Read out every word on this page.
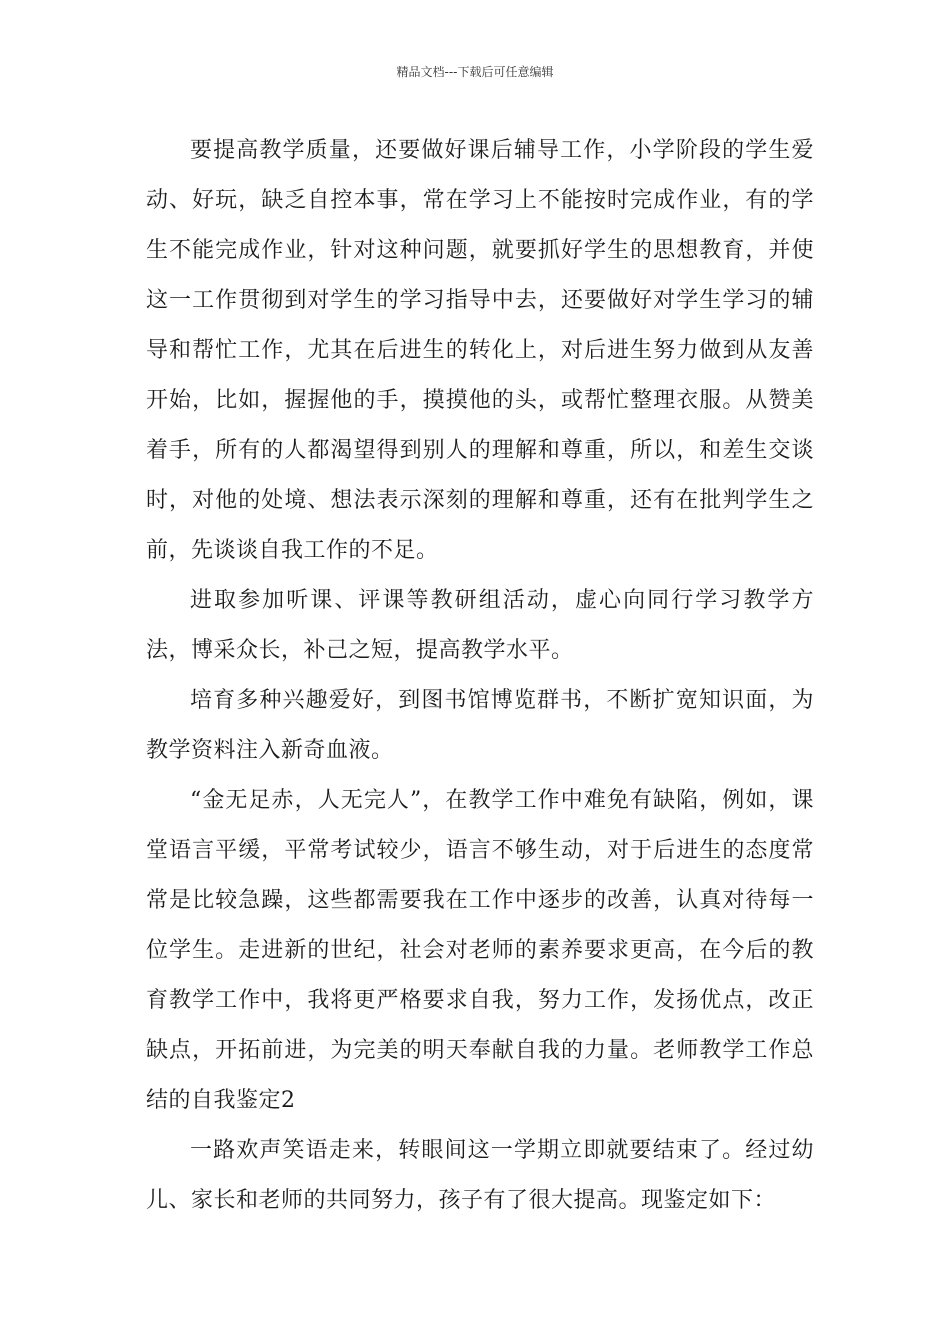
精品文档---下载后可任意编辑

要提高教学质量，还要做好课后辅导工作，小学阶段的学生爱动、好玩，缺乏自控本事，常在学习上不能按时完成作业，有的学生不能完成作业，针对这种问题，就要抓好学生的思想教育，并使这一工作贯彻到对学生的学习指导中去，还要做好对学生学习的辅导和帮忙工作，尤其在后进生的转化上，对后进生努力做到从友善开始，比如，握握他的手，摸摸他的头，或帮忙整理衣服。从赞美着手，所有的人都渴望得到别人的理解和尊重，所以，和差生交谈时，对他的处境、想法表示深刻的理解和尊重，还有在批判学生之前，先谈谈自我工作的不足。

进取参加听课、评课等教研组活动，虚心向同行学习教学方法，博采众长，补己之短，提高教学水平。

培育多种兴趣爱好，到图书馆博览群书，不断扩宽知识面，为教学资料注入新奇血液。

“金无足赤，人无完人”，在教学工作中难免有缺陷，例如，课堂语言平缓，平常考试较少，语言不够生动，对于后进生的态度常常是比较急躁，这些都需要我在工作中逐步的改善，认真对待每一位学生。走进新的世纪，社会对老师的素养要求更高，在今后的教育教学工作中，我将更严格要求自我，努力工作，发扬优点，改正缺点，开拓前进，为完美的明天奉献自我的力量。老师教学工作总结的自我鉴定2

一路欢声笑语走来，转眼间这一学期立即就要结束了。经过幼儿、家长和老师的共同努力，孩子有了很大提高。现鉴定如下：
